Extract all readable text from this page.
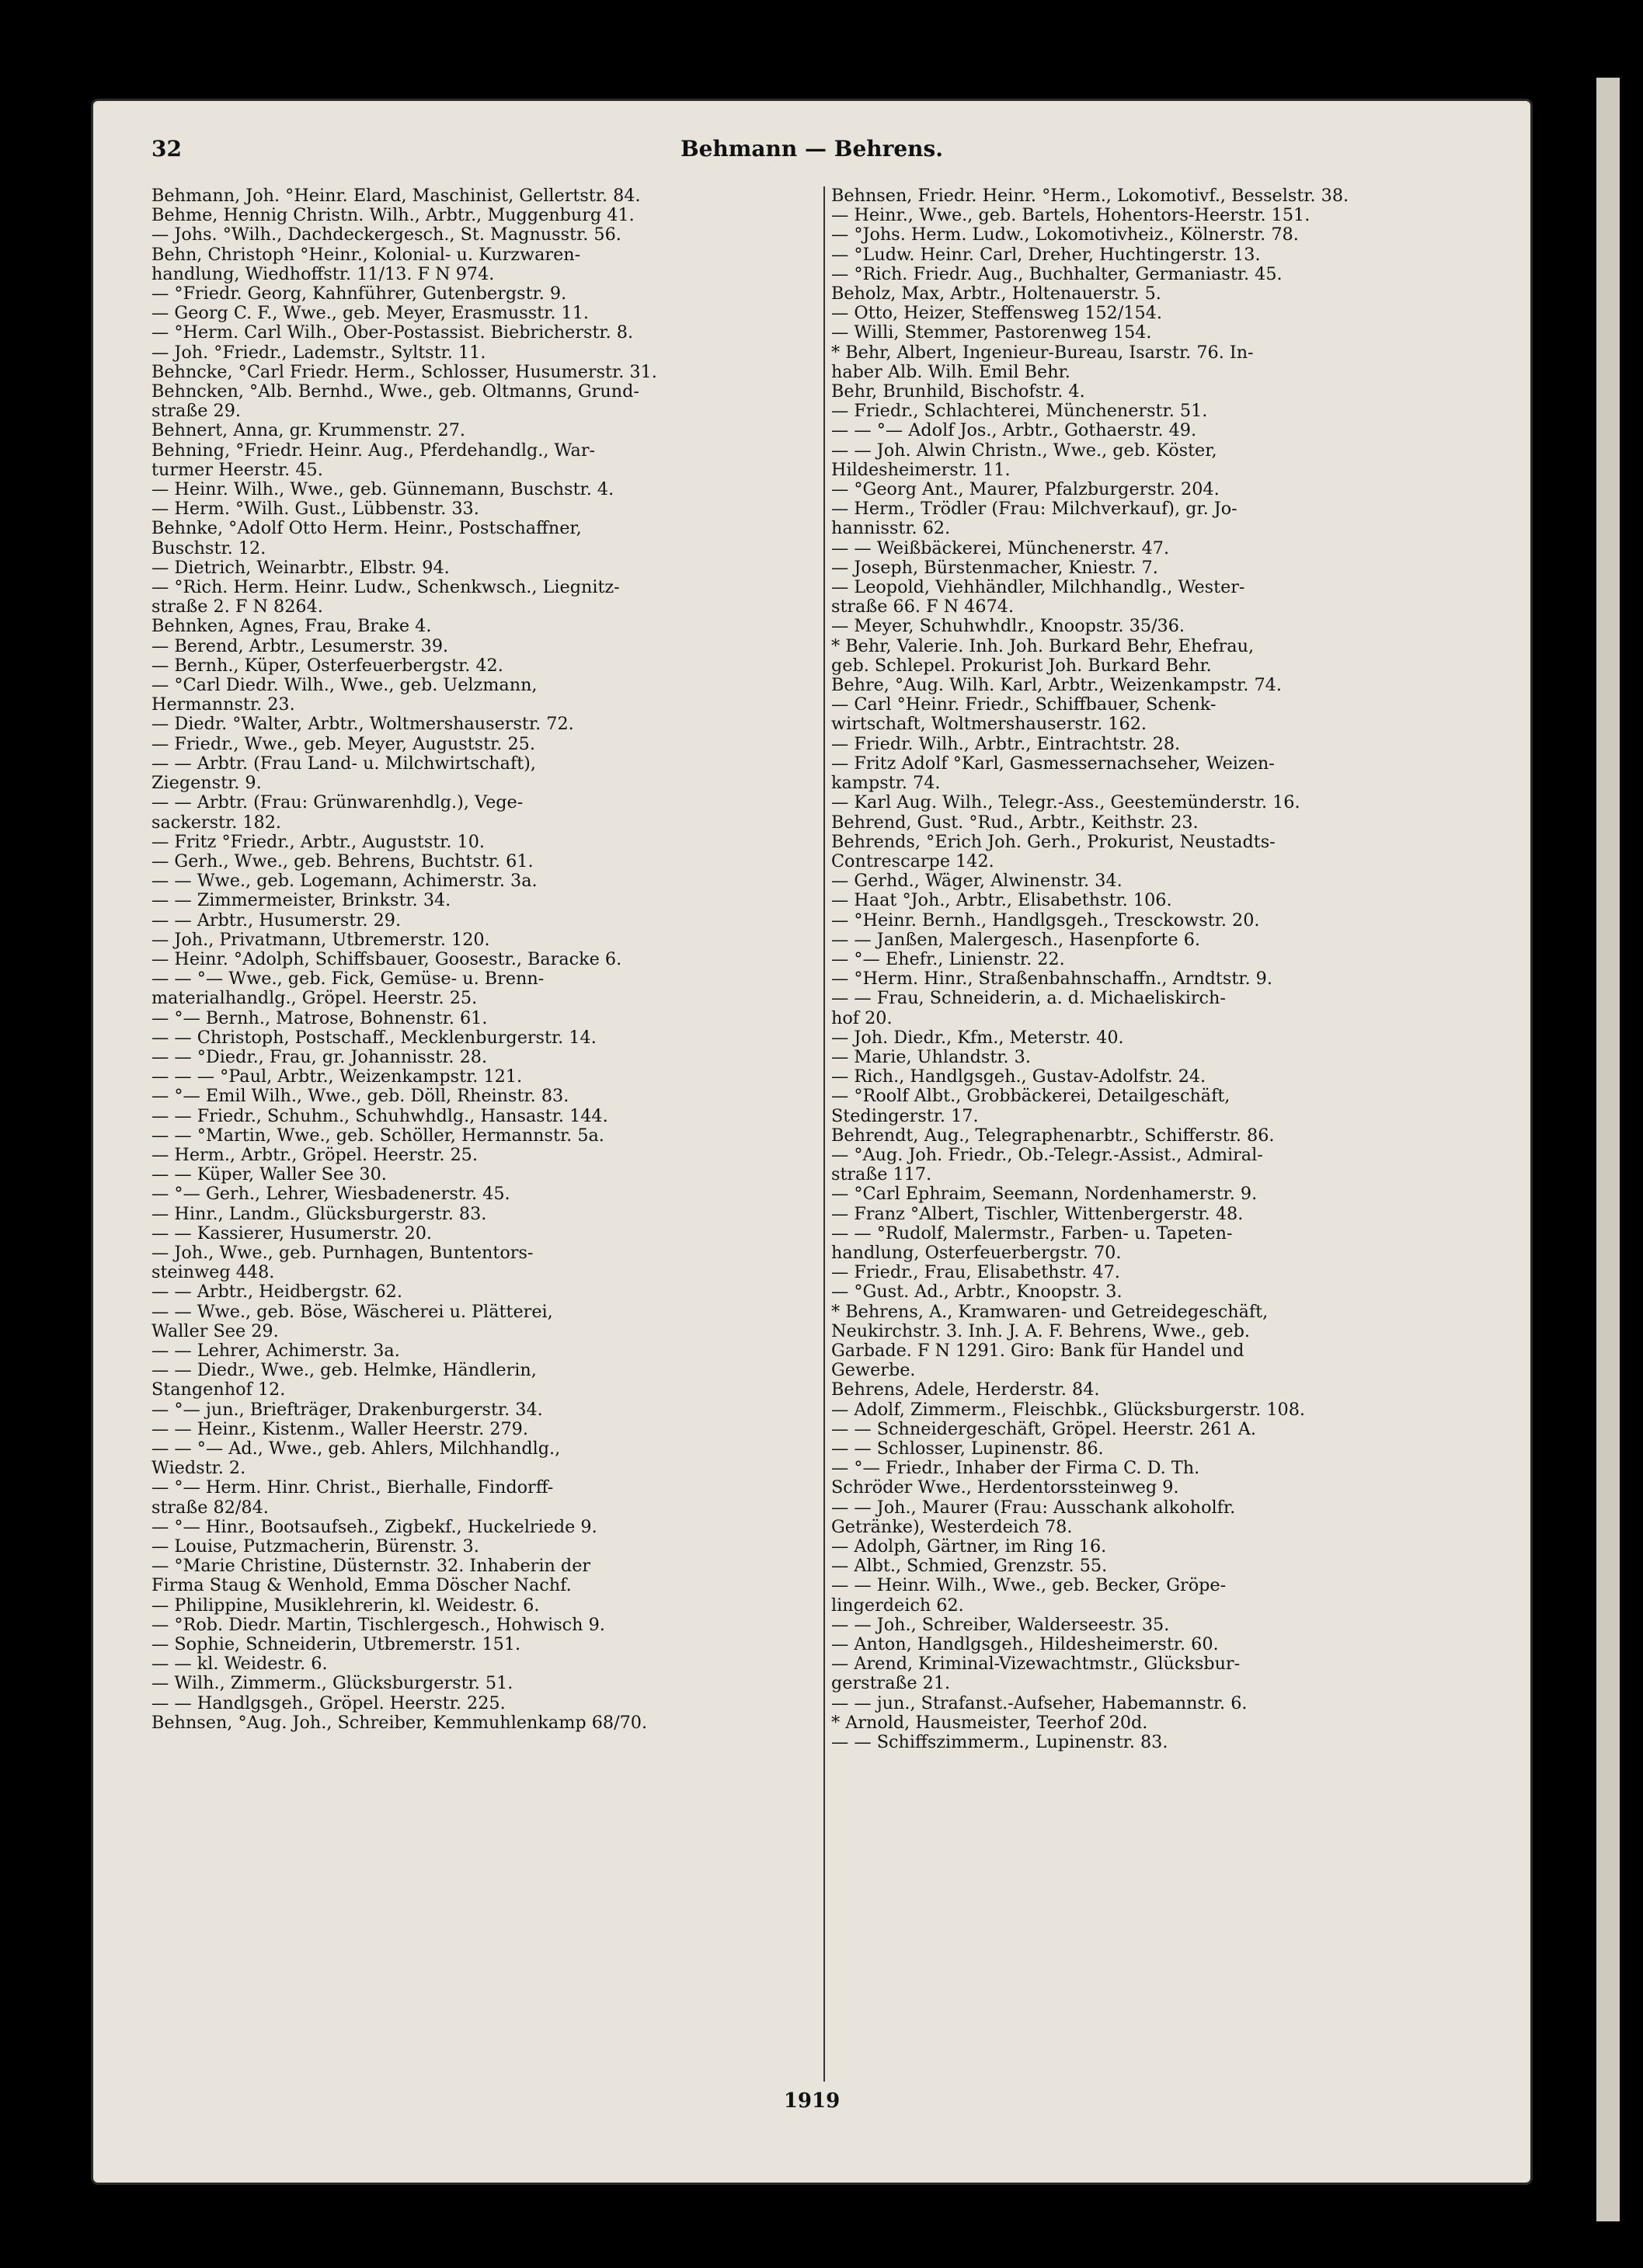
32	Behmann — Behrens.
Behmann, Joh. °Heinr. Elard, Maschinist, Gellertstr. 84.
Behme, Hennig Christn. Wilh., Arbtr., Muggenburg 41.
— Johs. °Wilh., Dachdeckergesch., St. Magnusstr. 56.
Behn, Christoph °Heinr., Kolonial- u. Kurzwaren-
handlung, Wiedhoffstr. 11/13. F N 974.
— °Friedr. Georg, Kahnführer, Gutenbergstr. 9.
— Georg C. F., Wwe., geb. Meyer, Erasmusstr. 11.
— °Herm. Carl Wilh., Ober-Postassist. Biebricherstr. 8.
— Joh. °Friedr., Lademstr., Syltstr. 11.
Behncke, °Carl Friedr. Herm., Schlosser, Husumerstr. 31.
Behncken, °Alb. Bernhd., Wwe., geb. Oltmanns, Grund-
straße 29.
Behnert, Anna, gr. Krummenstr. 27.
Behning, °Friedr. Heinr. Aug., Pferdehandlg., War-
turmer Heerstr. 45.
— Heinr. Wilh., Wwe., geb. Günnemann, Buschstr. 4.
— Herm. °Wilh. Gust., Lübbenstr. 33.
Behnke, °Adolf Otto Herm. Heinr., Postschaffner,
Buschstr. 12.
— Dietrich, Weinarbtr., Elbstr. 94.
— °Rich. Herm. Heinr. Ludw., Schenkwsch., Liegnitz-
straße 2. F N 8264.
Behnken, Agnes, Frau, Brake 4.
— Berend, Arbtr., Lesumerstr. 39.
— Bernh., Küper, Osterfeuerbergstr. 42.
— °Carl Diedr. Wilh., Wwe., geb. Uelzmann,
Hermannstr. 23.
— Diedr. °Walter, Arbtr., Woltmershauserstr. 72.
— Friedr., Wwe., geb. Meyer, Auguststr. 25.
— — Arbtr. (Frau Land- u. Milchwirtschaft),
Ziegenstr. 9.
— — Arbtr. (Frau: Grünwarenhdlg.), Vege-
sackerstr. 182.
— Fritz °Friedr., Arbtr., Auguststr. 10.
— Gerh., Wwe., geb. Behrens, Buchtstr. 61.
— — Wwe., geb. Logemann, Achimerstr. 3a.
— — Zimmermeister, Brinkstr. 34.
— — Arbtr., Husumerstr. 29.
— Joh., Privatmann, Utbremerstr. 120.
— Heinr. °Adolph, Schiffsbauer, Goosestr., Baracke 6.
— — °— Wwe., geb. Fick, Gemüse- u. Brenn-
materialhandlg., Gröpel. Heerstr. 25.
— °— Bernh., Matrose, Bohnenstr. 61.
— — Christoph, Postschaff., Mecklenburgerstr. 14.
— — °Diedr., Frau, gr. Johannisstr. 28.
— — — °Paul, Arbtr., Weizenkampstr. 121.
— °— Emil Wilh., Wwe., geb. Döll, Rheinstr. 83.
— — Friedr., Schuhm., Schuhwhdlg., Hansastr. 144.
— — °Martin, Wwe., geb. Schöller, Hermannstr. 5a.
— Herm., Arbtr., Gröpel. Heerstr. 25.
— — Küper, Waller See 30.
— °— Gerh., Lehrer, Wiesbadenerstr. 45.
— Hinr., Landm., Glücksburgerstr. 83.
— — Kassierer, Husumerstr. 20.
— Joh., Wwe., geb. Purnhagen, Buntentors-
steinweg 448.
— — Arbtr., Heidbergstr. 62.
— — Wwe., geb. Böse, Wäscherei u. Plätterei,
Waller See 29.
— — Lehrer, Achimerstr. 3a.
— — Diedr., Wwe., geb. Helmke, Händlerin,
Stangenhof 12.
— °— jun., Briefträger, Drakenburgerstr. 34.
— — Heinr., Kistenm., Waller Heerstr. 279.
— — °— Ad., Wwe., geb. Ahlers, Milchhandlg.,
Wiedstr. 2.
— °— Herm. Hinr. Christ., Bierhalle, Findorff-
straße 82/84.
— °— Hinr., Bootsaufseh., Zigbekf., Huckelriede 9.
— Louise, Putzmacherin, Bürenstr. 3.
— °Marie Christine, Düsternstr. 32. Inhaberin der
Firma Staug & Wenhold, Emma Döscher Nachf.
— Philippine, Musiklehrerin, kl. Weidestr. 6.
— °Rob. Diedr. Martin, Tischlergesch., Hohwisch 9.
— Sophie, Schneiderin, Utbremerstr. 151.
— — kl. Weidestr. 6.
— Wilh., Zimmerm., Glücksburgerstr. 51.
— — Handlgsgeh., Gröpel. Heerstr. 225.
Behnsen, °Aug. Joh., Schreiber, Kemmuhlenkamp 68/70.
Behnsen, Friedr. Heinr. °Herm., Lokomotivf., Besselstr. 38.
— Heinr., Wwe., geb. Bartels, Hohentors-Heerstr. 151.
— °Johs. Herm. Ludw., Lokomotivheiz., Kölnerstr. 78.
— °Ludw. Heinr. Carl, Dreher, Huchtingerstr. 13.
— °Rich. Friedr. Aug., Buchhalter, Germaniastr. 45.
Beholz, Max, Arbtr., Holtenauerstr. 5.
— Otto, Heizer, Steffensweg 152/154.
— Willi, Stemmer, Pastorenweg 154.
* Behr, Albert, Ingenieur-Bureau, Isarstr. 76. In-
haber Alb. Wilh. Emil Behr.
Behr, Brunhild, Bischofstr. 4.
— Friedr., Schlachterei, Münchenerstr. 51.
— — °— Adolf Jos., Arbtr., Gothaerstr. 49.
— — Joh. Alwin Christn., Wwe., geb. Köster,
Hildesheimerstr. 11.
— °Georg Ant., Maurer, Pfalzburgerstr. 204.
— Herm., Trödler (Frau: Milchverkauf), gr. Jo-
hannisstr. 62.
— — Weißbäckerei, Münchenerstr. 47.
— Joseph, Bürstenmacher, Kniestr. 7.
— Leopold, Viehhändler, Milchhandlg., Wester-
straße 66. F N 4674.
— Meyer, Schuhwhdlr., Knoopstr. 35/36.
* Behr, Valerie. Inh. Joh. Burkard Behr, Ehefrau,
geb. Schlepel. Prokurist Joh. Burkard Behr.
Behre, °Aug. Wilh. Karl, Arbtr., Weizenkampstr. 74.
— Carl °Heinr. Friedr., Schiffbauer, Schenk-
wirtschaft, Woltmershauserstr. 162.
— Friedr. Wilh., Arbtr., Eintrachtstr. 28.
— Fritz Adolf °Karl, Gasmessernachseher, Weizen-
kampstr. 74.
— Karl Aug. Wilh., Telegr.-Ass., Geestemünderstr. 16.
Behrend, Gust. °Rud., Arbtr., Keithstr. 23.
Behrends, °Erich Joh. Gerh., Prokurist, Neustadts-
Contrescarpe 142.
— Gerhd., Wäger, Alwinenstr. 34.
— Haat °Joh., Arbtr., Elisabethstr. 106.
— °Heinr. Bernh., Handlgsgeh., Tresckowstr. 20.
— — Janßen, Malergesch., Hasenpforte 6.
— °— Ehefr., Linienstr. 22.
— °Herm. Hinr., Straßenbahnschaffn., Arndtstr. 9.
— — Frau, Schneiderin, a. d. Michaeliskirch-
hof 20.
— Joh. Diedr., Kfm., Meterstr. 40.
— Marie, Uhlandstr. 3.
— Rich., Handlgsgeh., Gustav-Adolfstr. 24.
— °Roolf Albt., Grobbäckerei, Detailgeschäft,
Stedingerstr. 17.
Behrendt, Aug., Telegraphenarbtr., Schifferstr. 86.
— °Aug. Joh. Friedr., Ob.-Telegr.-Assist., Admiral-
straße 117.
— °Carl Ephraim, Seemann, Nordenhamerstr. 9.
— Franz °Albert, Tischler, Wittenbergerstr. 48.
— — °Rudolf, Malermstr., Farben- u. Tapeten-
handlung, Osterfeuerbergstr. 70.
— Friedr., Frau, Elisabethstr. 47.
— °Gust. Ad., Arbtr., Knoopstr. 3.
* Behrens, A., Kramwaren- und Getreidegeschäft,
Neukirchstr. 3. Inh. J. A. F. Behrens, Wwe., geb.
Garbade. F N 1291. Giro: Bank für Handel und
Gewerbe.
Behrens, Adele, Herderstr. 84.
— Adolf, Zimmerm., Fleischbk., Glücksburgerstr. 108.
— — Schneidergeschäft, Gröpel. Heerstr. 261 A.
— — Schlosser, Lupinenstr. 86.
— °— Friedr., Inhaber der Firma C. D. Th.
Schröder Wwe., Herdentorssteinweg 9.
— — Joh., Maurer (Frau: Ausschank alkoholfr.
Getränke), Westerdeich 78.
— Adolph, Gärtner, im Ring 16.
— Albt., Schmied, Grenzstr. 55.
— — Heinr. Wilh., Wwe., geb. Becker, Gröpe-
lingerdeich 62.
— — Joh., Schreiber, Walderseestr. 35.
— Anton, Handlgsgeh., Hildesheimerstr. 60.
— Arend, Kriminal-Vizewachtmstr., Glücksbur-
gerstraße 21.
— — jun., Strafanst.-Aufseher, Habemannstr. 6.
* Arnold, Hausmeister, Teerhof 20d.
— — Schiffszimmerm., Lupinenstr. 83.
1919
